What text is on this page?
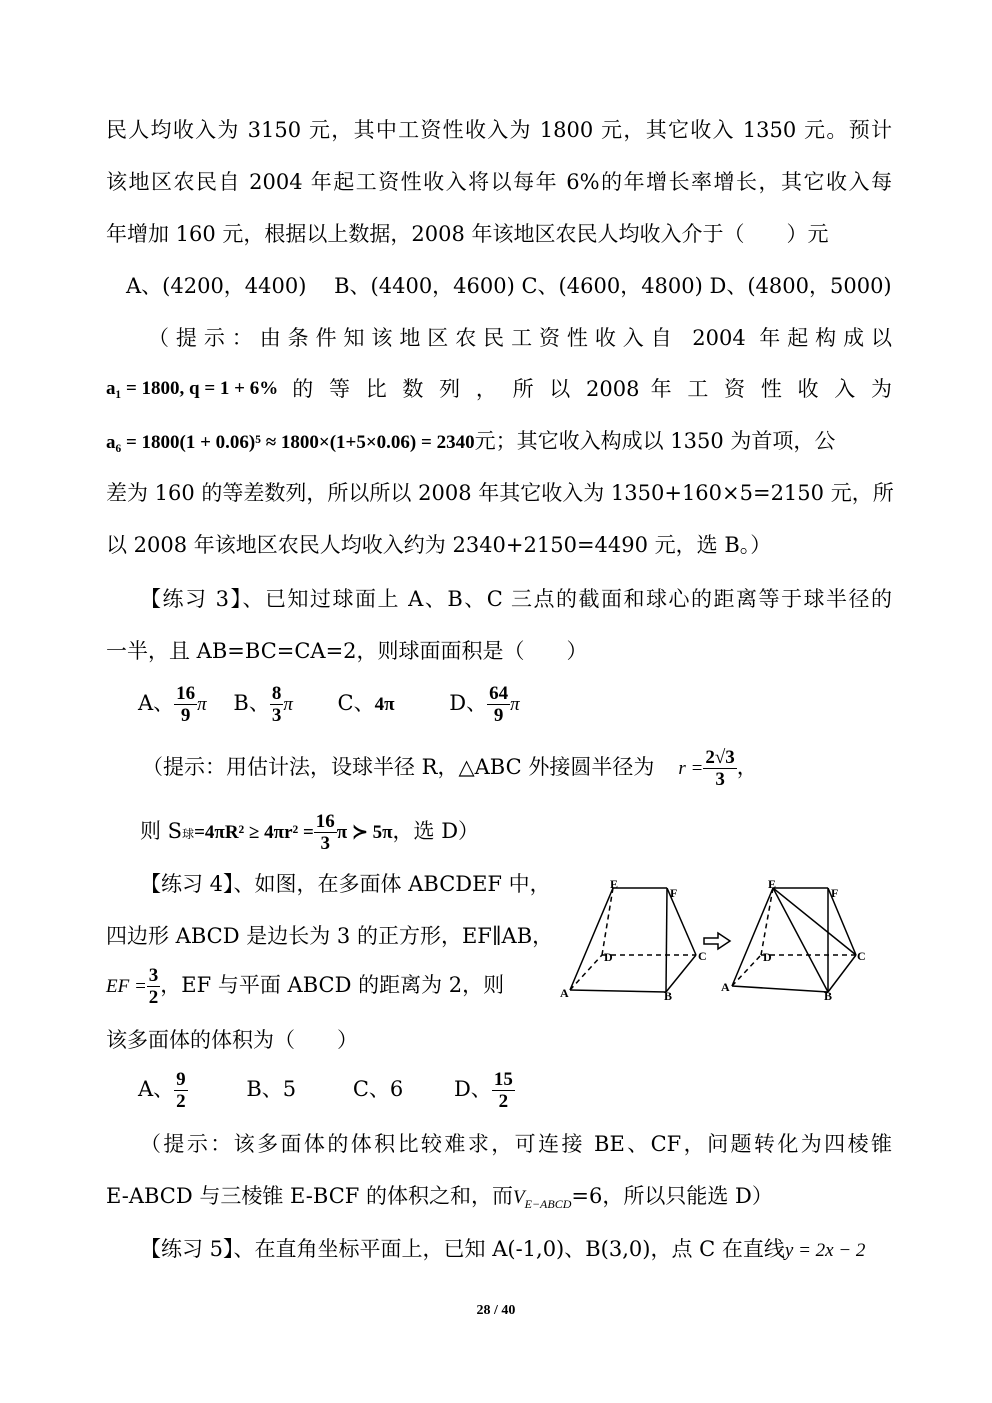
民人均收入为 3150 元，其中工资性收入为 1800 元，其它收入 1350 元。预计
该地区农民自 2004 年起工资性收入将以每年 6%的年增长率增长，其它收入每
年增加 160 元，根据以上数据，2008 年该地区农民人均收入介于（　　）元
A、(4200，4400)　 B、(4400，4600) C、(4600，4800) D、(4800，5000)
（提示：由条件知该地区农民工资性收入自 2004 年起构成以
a₁ = 1800, q = 1 + 6% 的 等 比 数 列 ， 所 以 2008 年 工 资 性 收 入 为
a₆ = 1800(1 + 0.06)⁵ ≈ 1800×(1+5×0.06) = 2340元；其它收入构成以 1350 为首项，公
差为 160 的等差数列，所以所以 2008 年其它收入为 1350+160×5=2150 元，所
以 2008 年该地区农民人均收入约为 2340+2150=4490 元，选 B。）
【练习 3】、已知过球面上 A、B、C 三点的截面和球心的距离等于球半径的
一半，且 AB=BC=CA=2，则球面面积是（　　）
A、 $\frac{16}{9}$ π B、 $\frac{8}{3}$ π C、4π	D、 $\frac{64}{9}$ π
（提示：用估计法，设球半径 R，△ABC 外接圆半径为 $r = \frac{2√3}{3}$ ，
则 S球$=4\pi R^2 \ge 4\pi r^2 = \frac{16}{3}$ π ≻ 5π，选 D）
【练习 4】、如图，在多面体 ABCDEF 中，
四边形 ABCD 是边长为 3 的正方形，EF∥AB，
EF = $\frac{3}{2}$ ，EF 与平面 ABCD 的距离为 2，则
该多面体的体积为（　　）
A、 $\frac{9}{2}$	B、5	C、6 D、 $\frac{15}{2}$
（提示：该多面体的体积比较难求，可连接 BE、CF，问题转化为四棱锥
E-ABCD 与三棱锥 E-BCF 的体积之和，而$V_{E-ABCD}=6$，所以只能选 D）
【练习 5】、在直角坐标平面上，已知 A(-1,0)、B(3,0)，点 C 在直线y = 2x − 2
A	B
C
D
E
F
A
B
C
D
E
F
28 / 40
